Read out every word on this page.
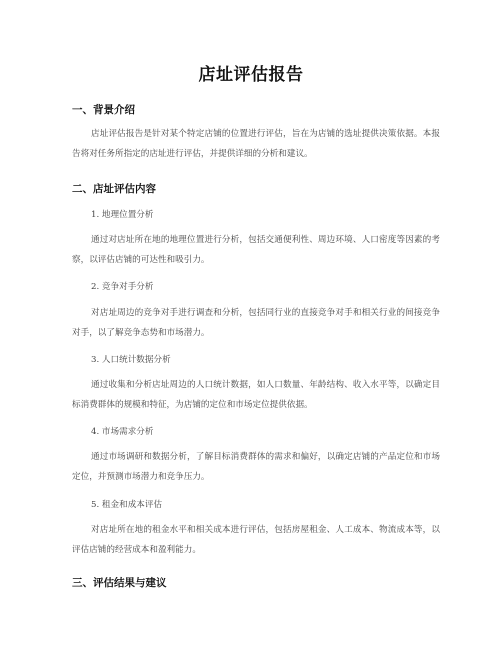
店址评估报告
一、背景介绍
店址评估报告是针对某个特定店铺的位置进行评估，旨在为店铺的选址提供决策依据。本报告将对任务所指定的店址进行评估，并提供详细的分析和建议。
二、店址评估内容
1. 地理位置分析
通过对店址所在地的地理位置进行分析，包括交通便利性、周边环境、人口密度等因素的考察，以评估店铺的可达性和吸引力。
2. 竞争对手分析
对店址周边的竞争对手进行调查和分析，包括同行业的直接竞争对手和相关行业的间接竞争对手，以了解竞争态势和市场潜力。
3. 人口统计数据分析
通过收集和分析店址周边的人口统计数据，如人口数量、年龄结构、收入水平等，以确定目标消费群体的规模和特征，为店铺的定位和市场定位提供依据。
4. 市场需求分析
通过市场调研和数据分析，了解目标消费群体的需求和偏好，以确定店铺的产品定位和市场定位，并预测市场潜力和竞争压力。
5. 租金和成本评估
对店址所在地的租金水平和相关成本进行评估，包括房屋租金、人工成本、物流成本等，以评估店铺的经营成本和盈利能力。
三、评估结果与建议
